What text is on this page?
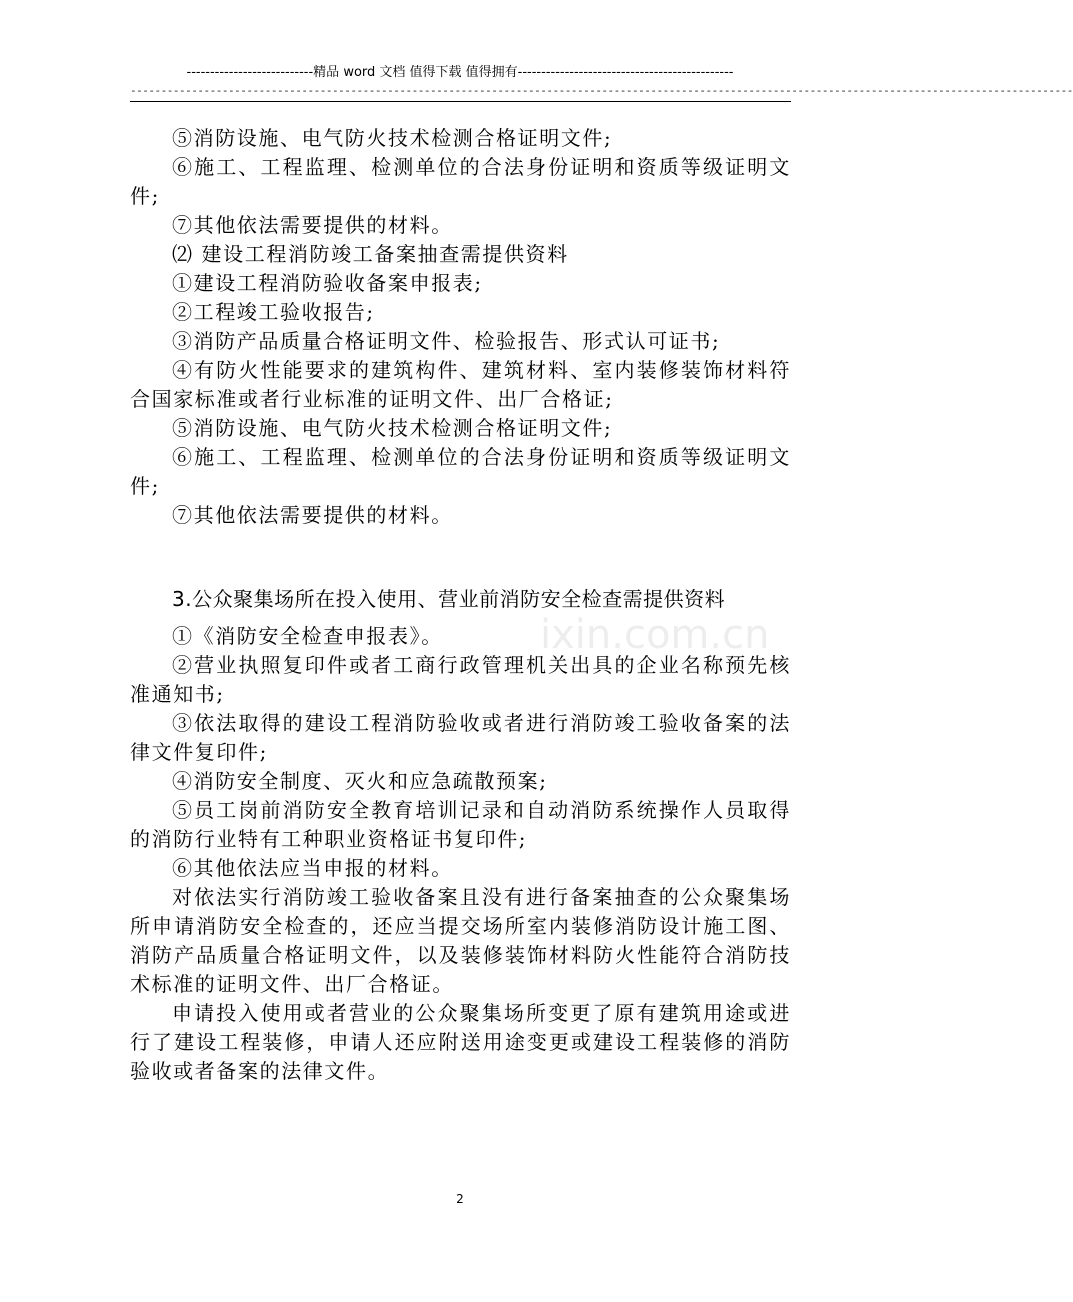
---------------------------精品 word 文档 值得下载 值得拥有----------------------------------------------
----------------------------------------------------------------------------------------------------------------------------------------------------------
ixin.com.cn

⑤消防设施、电气防火技术检测合格证明文件;

⑥施工、工程监理、检测单位的合法身份证明和资质等级证明文件;

⑦其他依法需要提供的材料。

⑵ 建设工程消防竣工备案抽查需提供资料

①建设工程消防验收备案申报表;

②工程竣工验收报告;

③消防产品质量合格证明文件、检验报告、形式认可证书;

④有防火性能要求的建筑构件、建筑材料、室内装修装饰材料符合国家标准或者行业标准的证明文件、出厂合格证;

⑤消防设施、电气防火技术检测合格证明文件;

⑥施工、工程监理、检测单位的合法身份证明和资质等级证明文件;

⑦其他依法需要提供的材料。

3.公众聚集场所在投入使用、营业前消防安全检查需提供资料

①《消防安全检查申报表》。

②营业执照复印件或者工商行政管理机关出具的企业名称预先核准通知书;

③依法取得的建设工程消防验收或者进行消防竣工验收备案的法律文件复印件;

④消防安全制度、灭火和应急疏散预案;

⑤员工岗前消防安全教育培训记录和自动消防系统操作人员取得的消防行业特有工种职业资格证书复印件;

⑥其他依法应当申报的材料。

对依法实行消防竣工验收备案且没有进行备案抽查的公众聚集场所申请消防安全检查的，还应当提交场所室内装修消防设计施工图、消防产品质量合格证明文件，以及装修装饰材料防火性能符合消防技术标准的证明文件、出厂合格证。

申请投入使用或者营业的公众聚集场所变更了原有建筑用途或进行了建设工程装修，申请人还应附送用途变更或建设工程装修的消防验收或者备案的法律文件。

2
